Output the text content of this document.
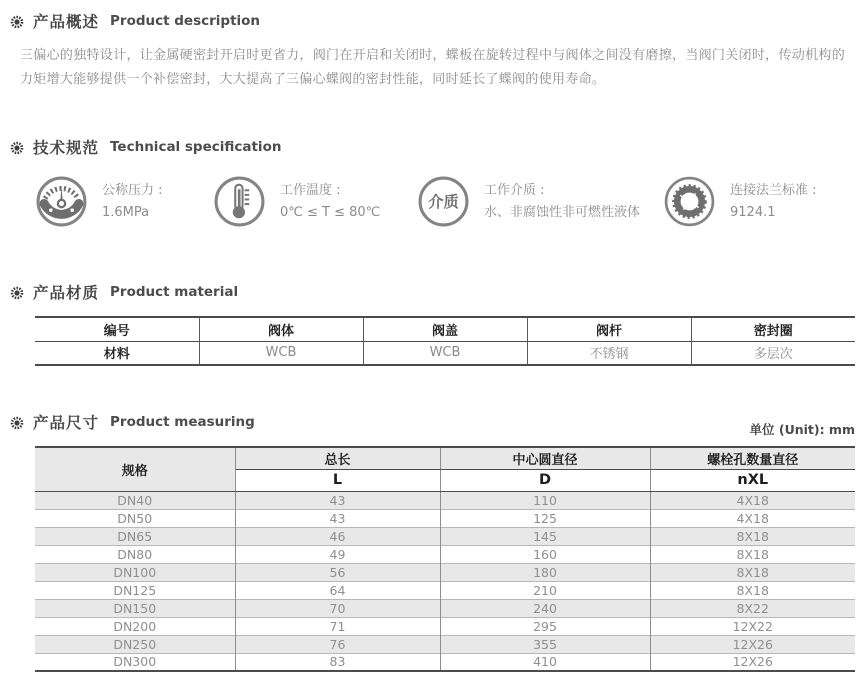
产品概述 Product description
三偏心的独特设计，让金属硬密封开启时更省力，阀门在开启和关闭时，蝶板在旋转过程中与阀体之间没有磨擦，当阀门关闭时，传动机构的力矩增大能够提供一个补偿密封，大大提高了三偏心蝶阀的密封性能，同时延长了蝶阀的使用寿命。
技术规范 Technical specification
公称压力 :
1.6MPa
工作温度 :
0℃ ≤ T ≤ 80℃
介质
工作介质 :
水、非腐蚀性非可燃性液体
连接法兰标准 :
9124.1
产品材质 Product material
编号	阀体	阀盖	阀杆	密封圈
材料	WCB	WCB	不锈钢	多层次
产品尺寸 Product measuring	单位 (Unit): mm
规格	总长	中心圆直径	螺栓孔数量直径
	L	D	nXL
DN40	43	110	4X18
DN50	43	125	4X18
DN65	46	145	8X18
DN80	49	160	8X18
DN100	56	180	8X18
DN125	64	210	8X18
DN150	70	240	8X22
DN200	71	295	12X22
DN250	76	355	12X26
DN300	83	410	12X26
